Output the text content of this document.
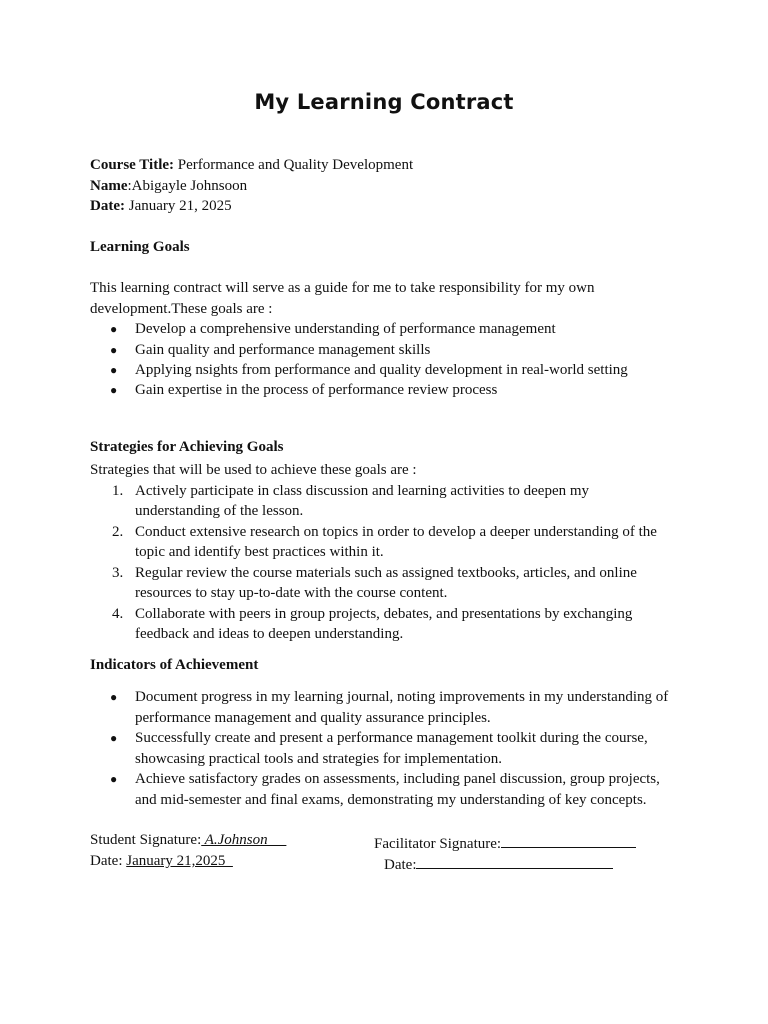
My Learning Contract
Course Title: Performance and Quality Development
Name:Abigayle Johnsoon
Date: January 21, 2025
Learning Goals
This learning contract will serve as a guide for me to take responsibility for my own
development.These goals are :
● Develop a comprehensive understanding of performance management
● Gain quality and performance management skills
● Applying nsights from performance and quality development in real-world setting
● Gain expertise in the process of performance review process
Strategies for Achieving Goals
Strategies that will be used to achieve these goals are :
1. Actively participate in class discussion and learning activities to deepen my
understanding of the lesson.
2. Conduct extensive research on topics in order to develop a deeper understanding of the
topic and identify best practices within it.
3. Regular review the course materials such as assigned textbooks, articles, and online
resources to stay up-to-date with the course content.
4. Collaborate with peers in group projects, debates, and presentations by exchanging
feedback and ideas to deepen understanding.
Indicators of Achievement
● Document progress in my learning journal, noting improvements in my understanding of
performance management and quality assurance principles.
● Successfully create and present a performance management toolkit during the course,
showcasing practical tools and strategies for implementation.
● Achieve satisfactory grades on assessments, including panel discussion, group projects,
and mid-semester and final exams, demonstrating my understanding of key concepts.
Student Signature: A.Johnson	Facilitator Signature:
Date: January 21,2025	Date:
